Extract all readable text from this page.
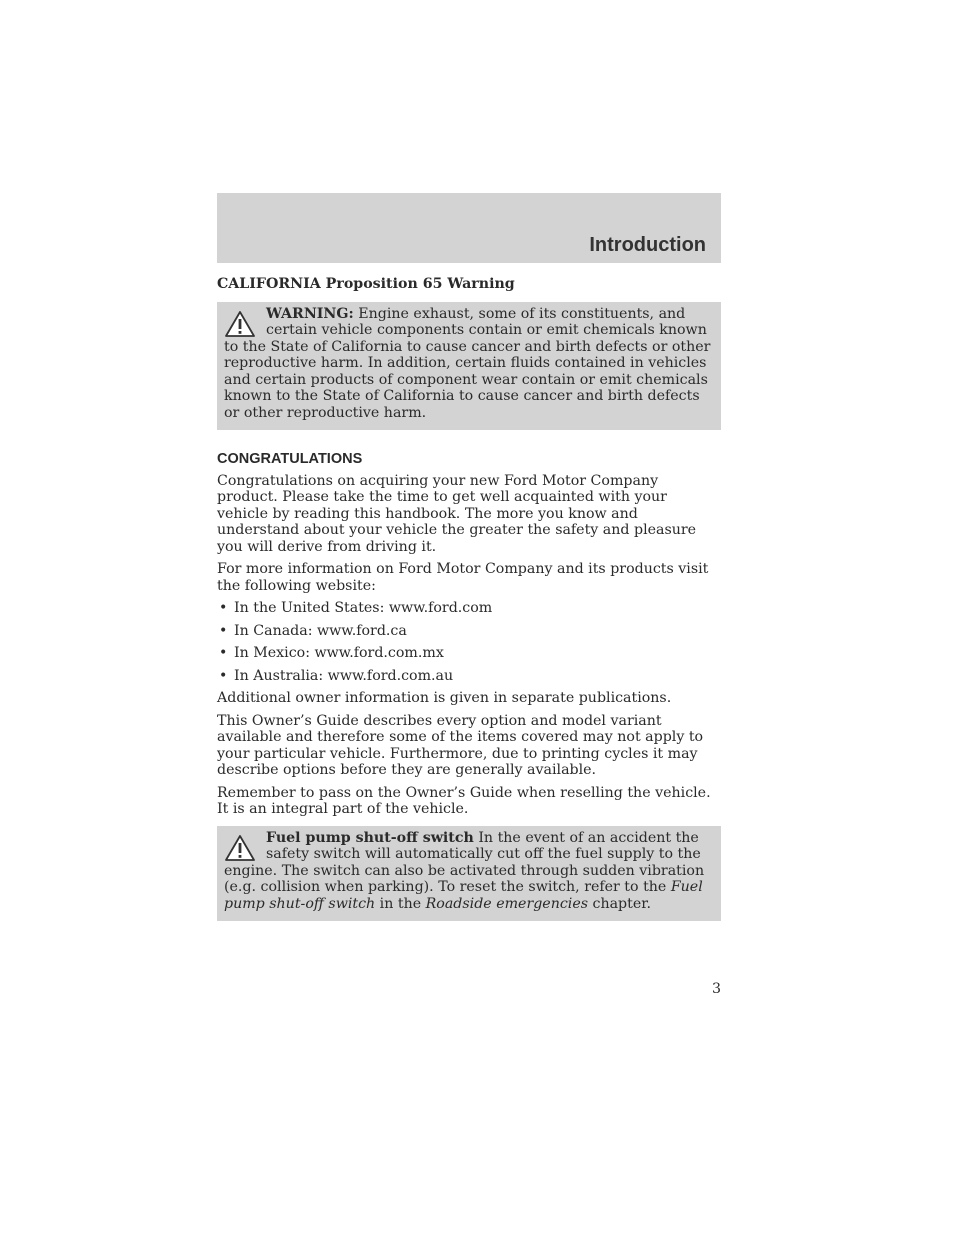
Introduction
CALIFORNIA Proposition 65 Warning

WARNING: Engine exhaust, some of its constituents, and certain vehicle components contain or emit chemicals known to the State of California to cause cancer and birth defects or other reproductive harm. In addition, certain fluids contained in vehicles and certain products of component wear contain or emit chemicals known to the State of California to cause cancer and birth defects or other reproductive harm.

CONGRATULATIONS

Congratulations on acquiring your new Ford Motor Company product. Please take the time to get well acquainted with your vehicle by reading this handbook. The more you know and understand about your vehicle the greater the safety and pleasure you will derive from driving it.

For more information on Ford Motor Company and its products visit the following website:

• In the United States: www.ford.com
• In Canada: www.ford.ca
• In Mexico: www.ford.com.mx
• In Australia: www.ford.com.au

Additional owner information is given in separate publications.

This Owner’s Guide describes every option and model variant available and therefore some of the items covered may not apply to your particular vehicle. Furthermore, due to printing cycles it may describe options before they are generally available.

Remember to pass on the Owner’s Guide when reselling the vehicle. It is an integral part of the vehicle.

Fuel pump shut-off switch In the event of an accident the safety switch will automatically cut off the fuel supply to the engine. The switch can also be activated through sudden vibration (e.g. collision when parking). To reset the switch, refer to the Fuel pump shut-off switch in the Roadside emergencies chapter.

3
